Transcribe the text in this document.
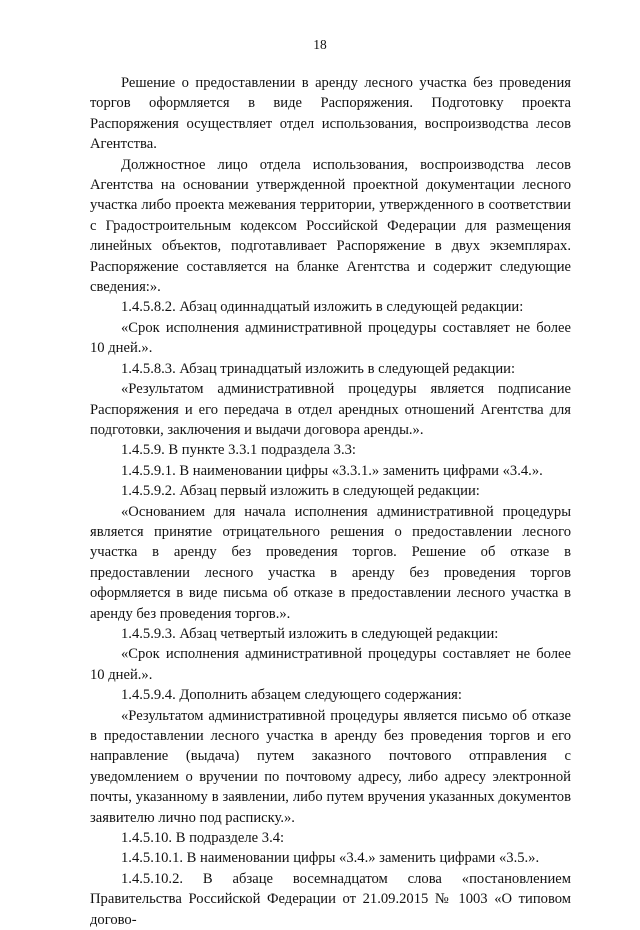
18

Решение о предоставлении в аренду лесного участка без проведения торгов оформляется в виде Распоряжения. Подготовку проекта Распоряжения осуществляет отдел использования, воспроизводства лесов Агентства.

Должностное лицо отдела использования, воспроизводства лесов Агентства на основании утвержденной проектной документации лесного участка либо проекта межевания территории, утвержденного в соответствии с Градостроительным кодексом Российской Федерации для размещения линейных объектов, подготавливает Распоряжение в двух экземплярах. Распоряжение составляется на бланке Агентства и содержит следующие сведения:».

1.4.5.8.2. Абзац одиннадцатый изложить в следующей редакции:

«Срок исполнения административной процедуры составляет не более 10 дней.».

1.4.5.8.3. Абзац тринадцатый изложить в следующей редакции:

«Результатом административной процедуры является подписание Распоряжения и его передача в отдел арендных отношений Агентства для подготовки, заключения и выдачи договора аренды.».

1.4.5.9. В пункте 3.3.1 подраздела 3.3:

1.4.5.9.1. В наименовании цифры «3.3.1.» заменить цифрами «3.4.».

1.4.5.9.2. Абзац первый изложить в следующей редакции:

«Основанием для начала исполнения административной процедуры является принятие отрицательного решения о предоставлении лесного участка в аренду без проведения торгов. Решение об отказе в предоставлении лесного участка в аренду без проведения торгов оформляется в виде письма об отказе в предоставлении лесного участка в аренду без проведения торгов.».

1.4.5.9.3. Абзац четвертый изложить в следующей редакции:

«Срок исполнения административной процедуры составляет не более 10 дней.».

1.4.5.9.4. Дополнить абзацем следующего содержания:

«Результатом административной процедуры является письмо об отказе в предоставлении лесного участка в аренду без проведения торгов и его направление (выдача) путем заказного почтового отправления с уведомлением о вручении по почтовому адресу, либо адресу электронной почты, указанному в заявлении, либо путем вручения указанных документов заявителю лично под расписку.».

1.4.5.10. В подразделе 3.4:

1.4.5.10.1. В наименовании цифры «3.4.» заменить цифрами «3.5.».

1.4.5.10.2. В абзаце восемнадцатом слова «постановлением Правительства Российской Федерации от 21.09.2015 № 1003 «О типовом догово-
